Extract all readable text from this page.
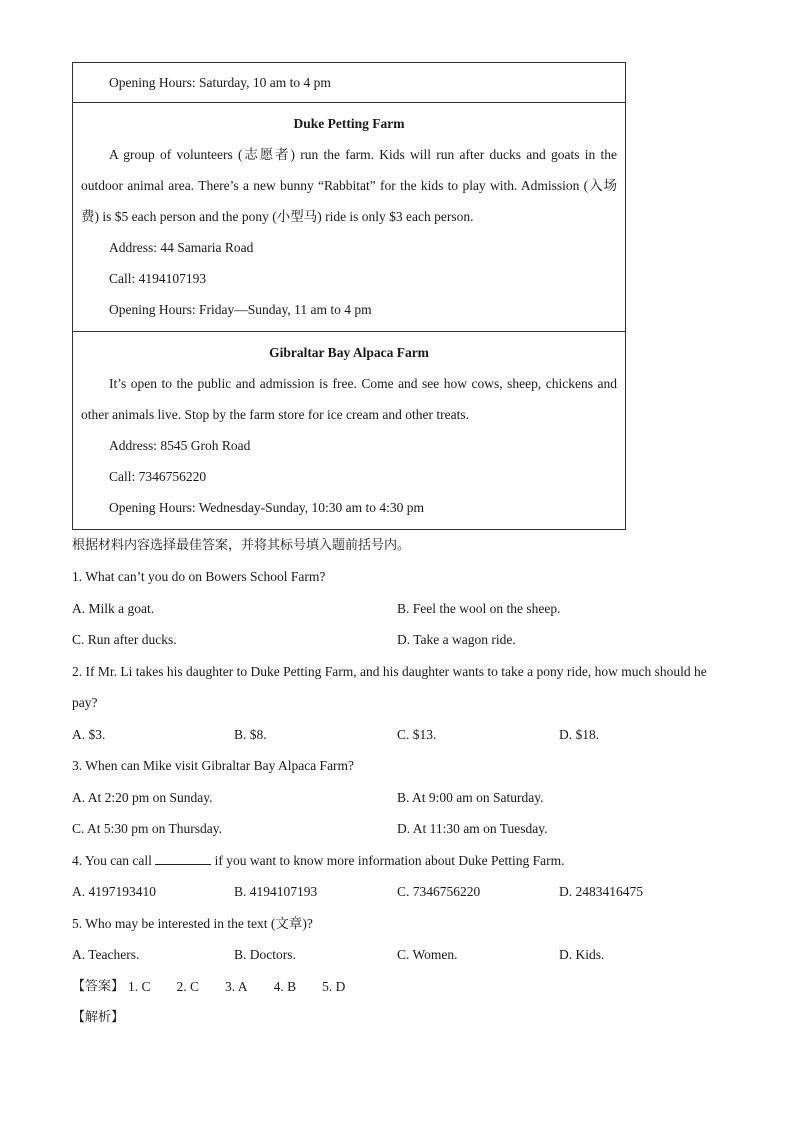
Opening Hours: Saturday, 10 am to 4 pm
Duke Petting Farm
A group of volunteers (志愿者) run the farm. Kids will run after ducks and goats in the outdoor animal area. There’s a new bunny “Rabbitat” for the kids to play with. Admission (入场费) is $5 each person and the pony (小型马) ride is only $3 each person.
Address: 44 Samaria Road
Call: 4194107193
Opening Hours: Friday—Sunday, 11 am to 4 pm
Gibraltar Bay Alpaca Farm
It’s open to the public and admission is free. Come and see how cows, sheep, chickens and other animals live. Stop by the farm store for ice cream and other treats.
Address: 8545 Groh Road
Call: 7346756220
Opening Hours: Wednesday-Sunday, 10:30 am to 4:30 pm
根据材料内容选择最佳答案，并将其标号填入题前括号内。
1. What can’t you do on Bowers School Farm?
A. Milk a goat.	B. Feel the wool on the sheep.
C. Run after ducks.	D. Take a wagon ride.
2. If Mr. Li takes his daughter to Duke Petting Farm, and his daughter wants to take a pony ride, how much should he pay?
A. $3.	B. $8.	C. $13.	D. $18.
3. When can Mike visit Gibraltar Bay Alpaca Farm?
A. At 2:20 pm on Sunday.	B. At 9:00 am on Saturday.
C. At 5:30 pm on Thursday.	D. At 11:30 am on Tuesday.
4. You can call	if you want to know more information about Duke Petting Farm.
A. 4197193410	B. 4194107193	C. 7346756220	D. 2483416475
5. Who may be interested in the text (文章)?
A. Teachers.	B. Doctors.	C. Women.	D. Kids.
【答案】 1. C 2. C 3. A 4. B 5. D
【解析】
